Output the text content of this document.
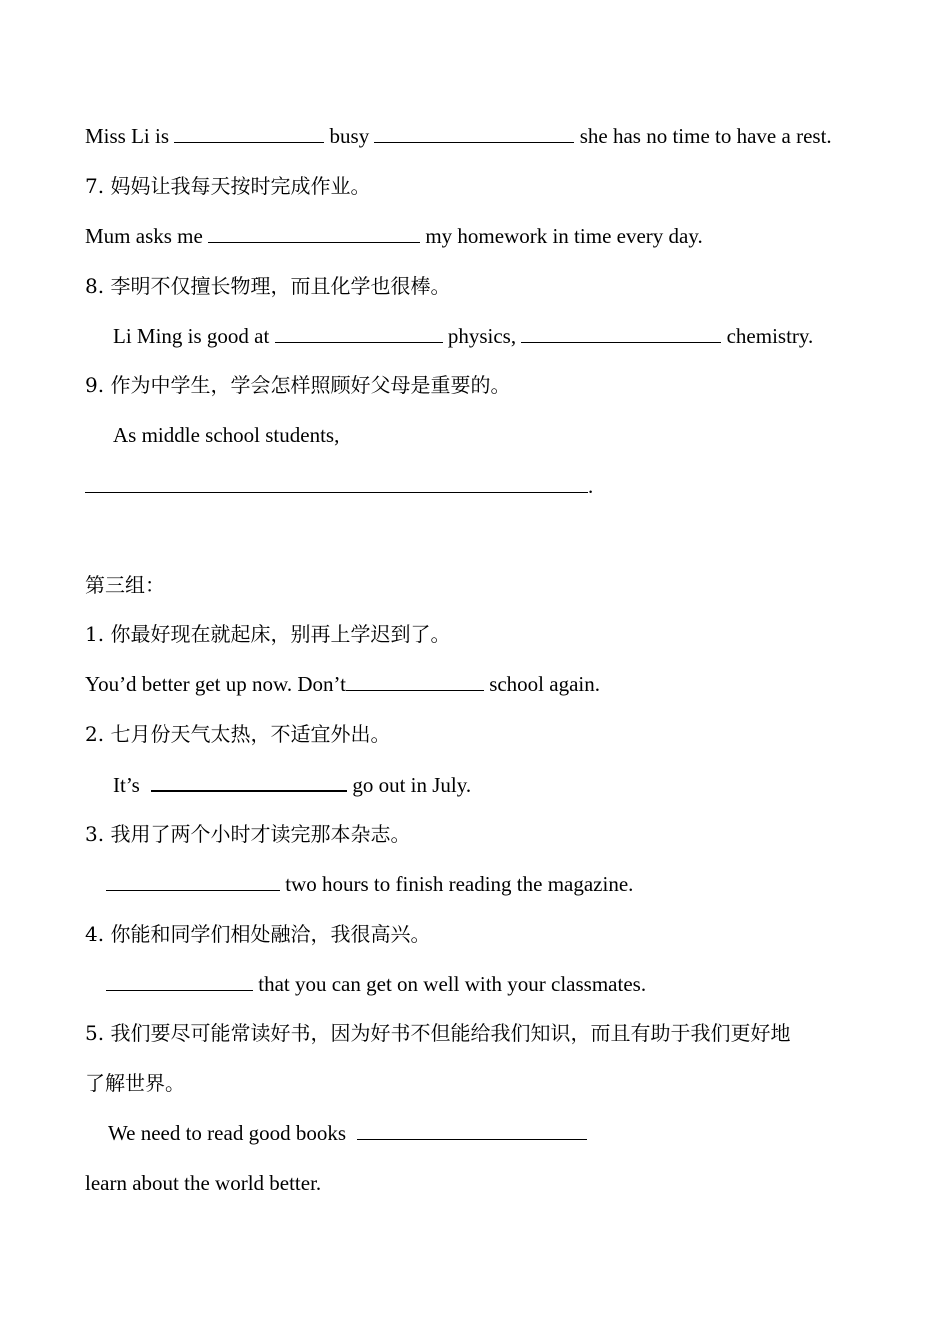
Miss Li is	busy	she has no time to have a rest.
7. 妈妈让我每天按时完成作业。
Mum asks me	my homework in time every day.
8. 李明不仅擅长物理，而且化学也很棒。
Li Ming is good at	physics,	chemistry.
9. 作为中学生，学会怎样照顾好父母是重要的。
As middle school students,
.
第三组：
1. 你最好现在就起床，别再上学迟到了。
You’d better get up now. Don’t	school again.
2. 七月份天气太热，不适宜外出。
It’s	go out in July.
3. 我用了两个小时才读完那本杂志。
two hours to finish reading the magazine.
4. 你能和同学们相处融洽，我很高兴。
that you can get on well with your classmates.
5. 我们要尽可能常读好书，因为好书不但能给我们知识，而且有助于我们更好地
了解世界。
We need to read good books
learn about the world better.
